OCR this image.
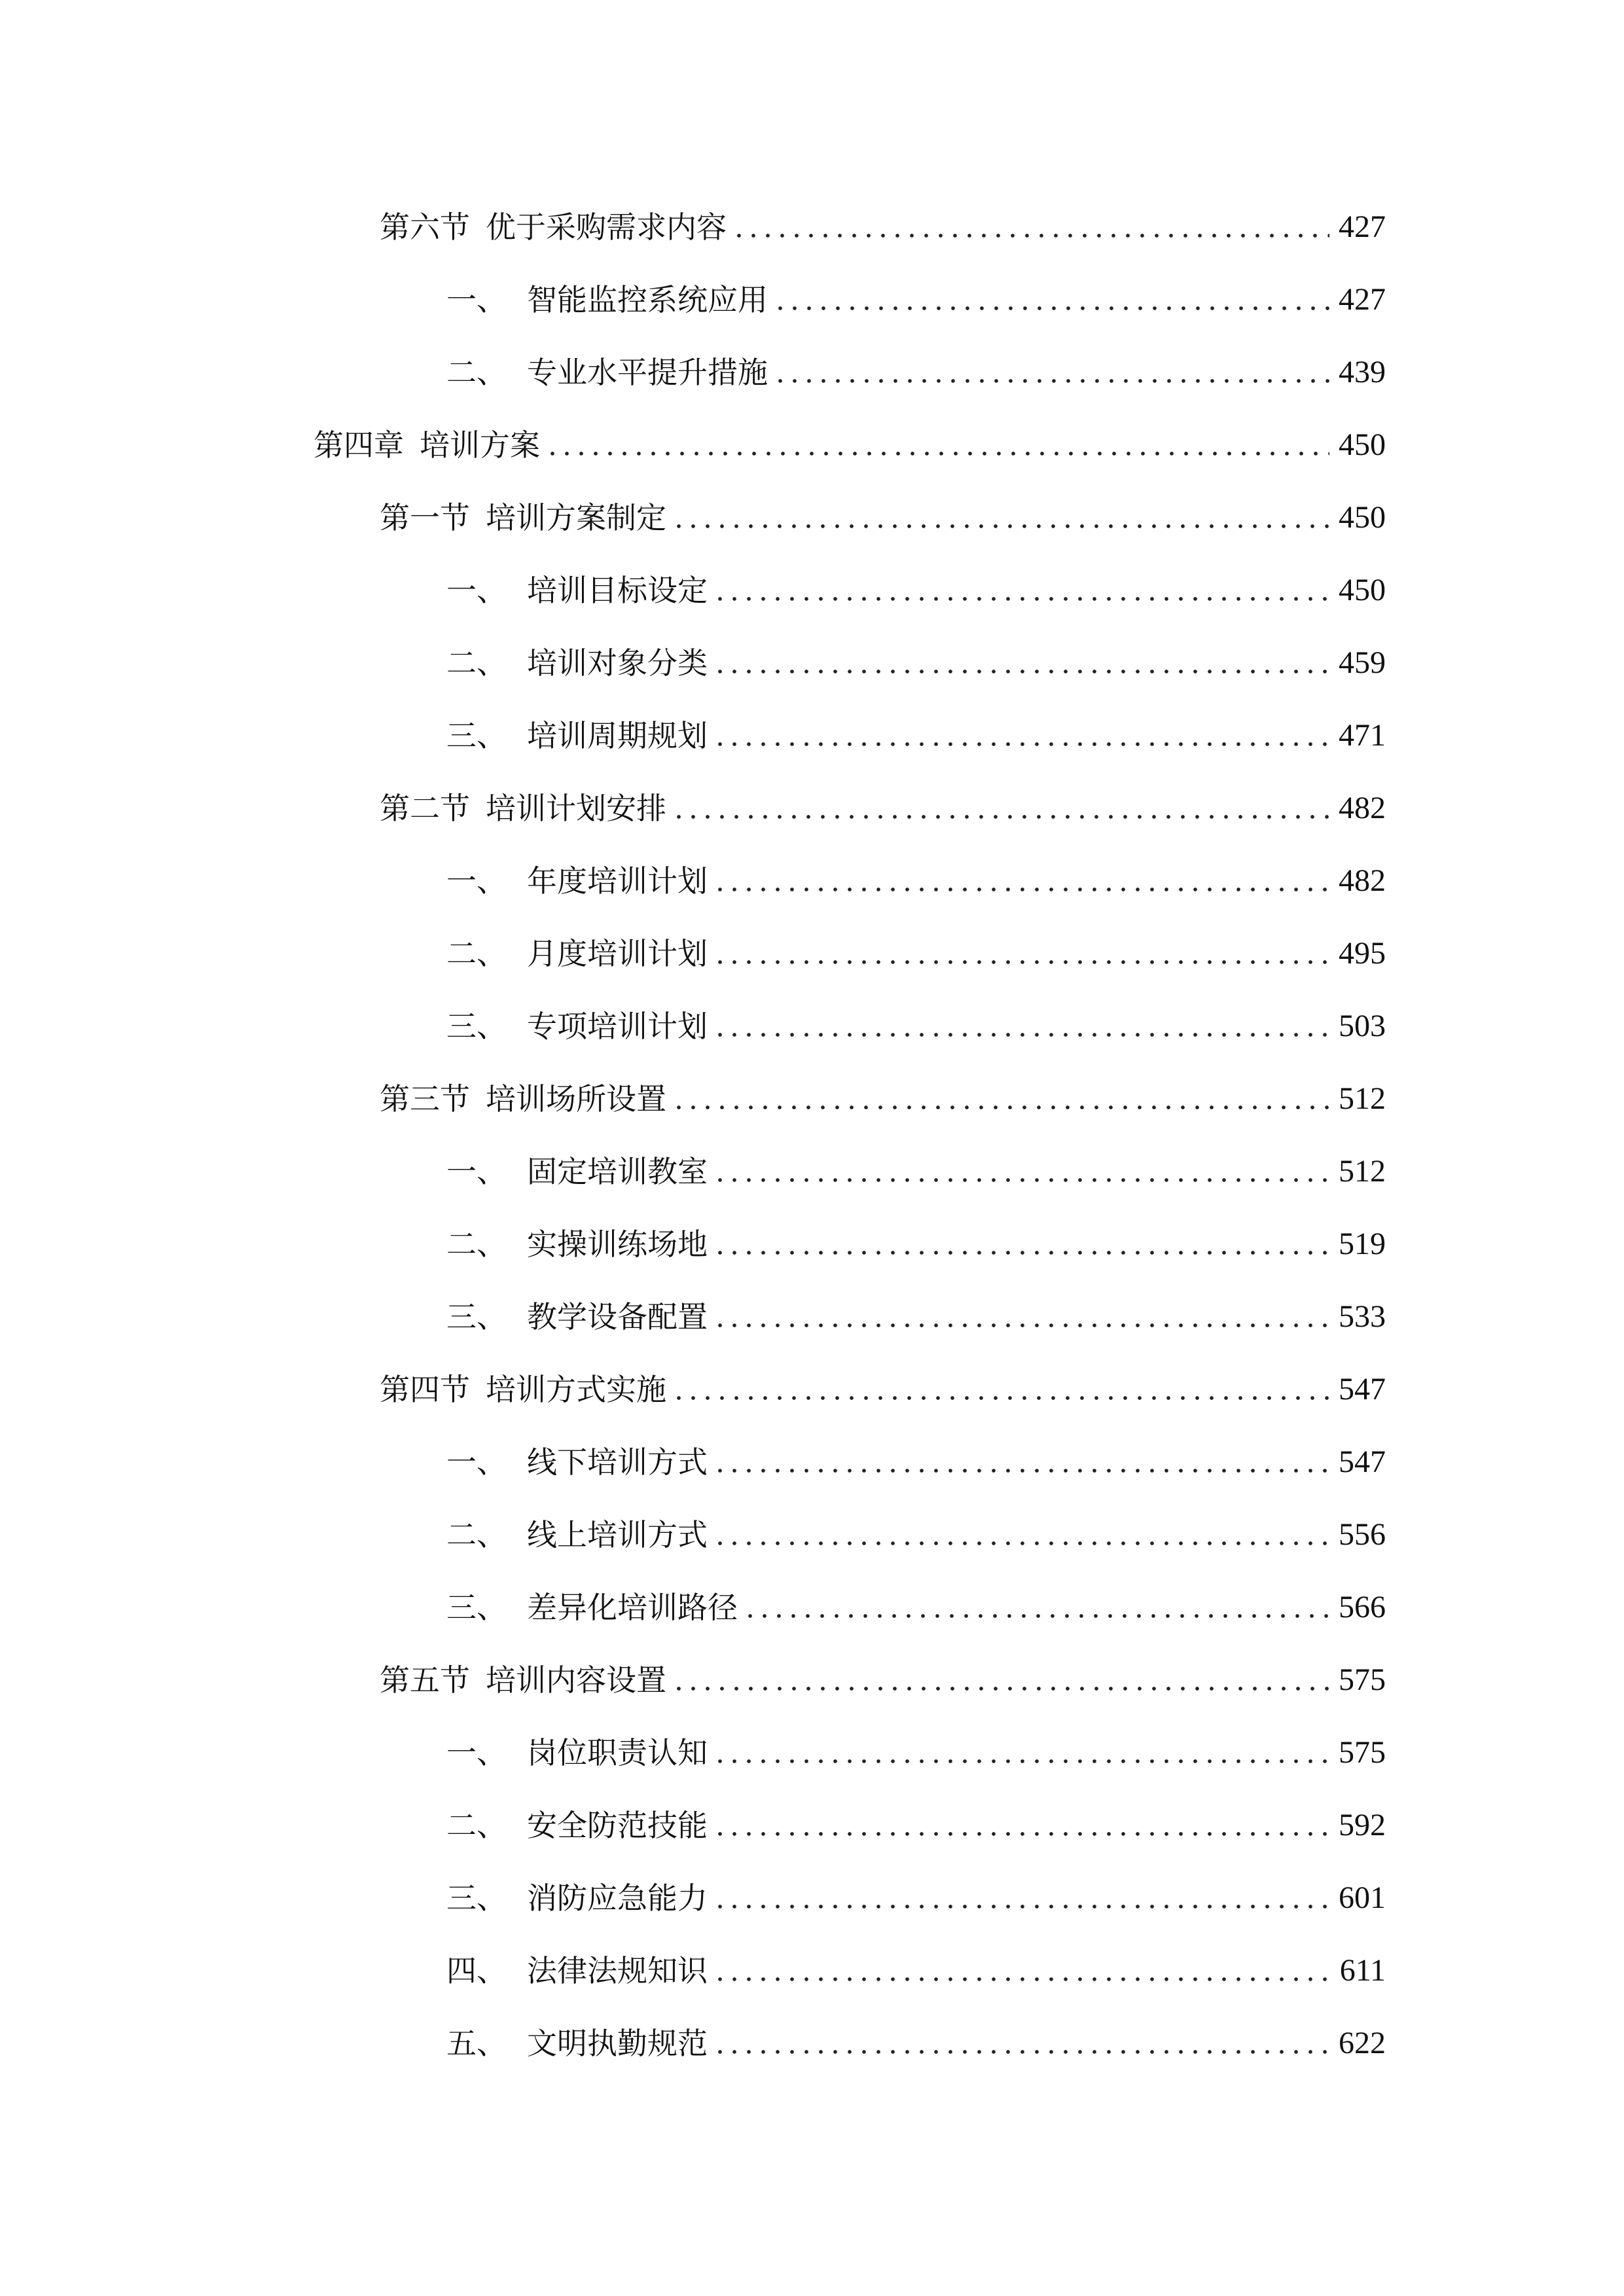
第六节 优于采购需求内容	427
一、 智能监控系统应用	427
二、 专业水平提升措施	439
第四章 培训方案	450
第一节 培训方案制定	450
一、 培训目标设定	450
二、 培训对象分类	459
三、 培训周期规划	471
第二节 培训计划安排	482
一、 年度培训计划	482
二、 月度培训计划	495
三、 专项培训计划	503
第三节 培训场所设置	512
一、 固定培训教室	512
二、 实操训练场地	519
三、 教学设备配置	533
第四节 培训方式实施	547
一、 线下培训方式	547
二、 线上培训方式	556
三、 差异化培训路径	566
第五节 培训内容设置	575
一、 岗位职责认知	575
二、 安全防范技能	592
三、 消防应急能力	601
四、 法律法规知识	611
五、 文明执勤规范	622
